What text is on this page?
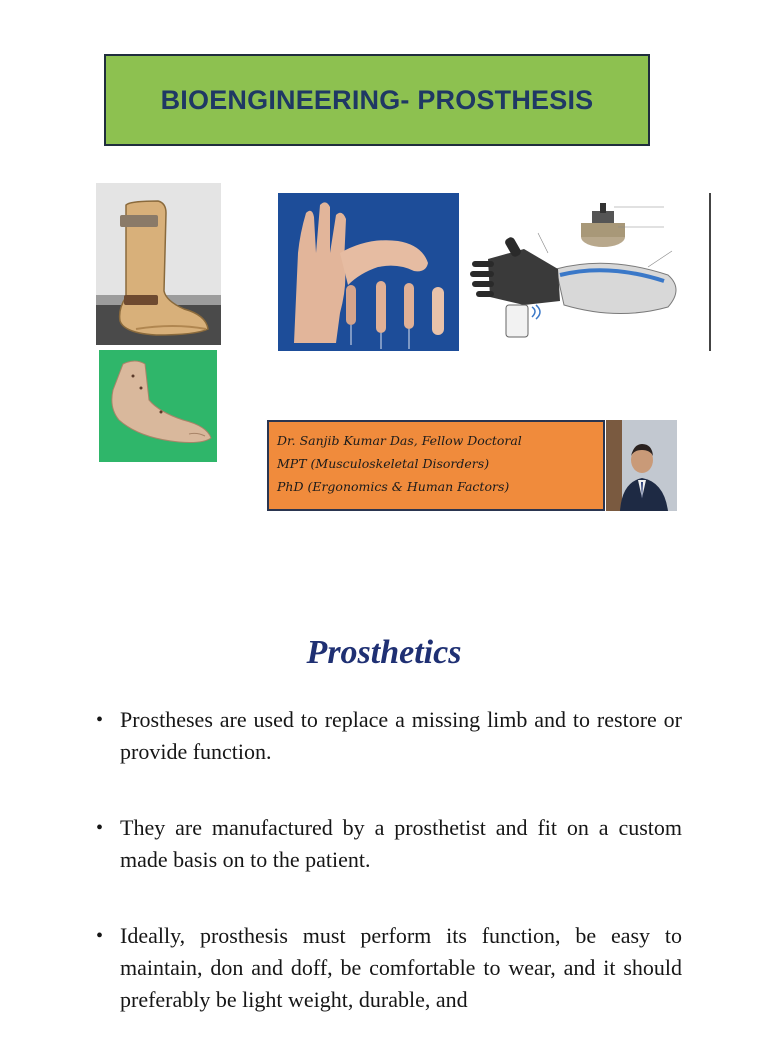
BIOENGINEERING- PROSTHESIS
Dr. Sanjib Kumar Das, Fellow Doctoral
MPT (Musculoskeletal Disorders)
PhD (Ergonomics & Human Factors)
Prosthetics
• Prostheses are used to replace a missing limb and to restore or provide function.
• They are manufactured by a prosthetist and fit on a custom made basis on to the patient.
• Ideally, prosthesis must perform its function, be easy to maintain, don and doff, be comfortable to wear, and it should preferably be light weight, durable, and
